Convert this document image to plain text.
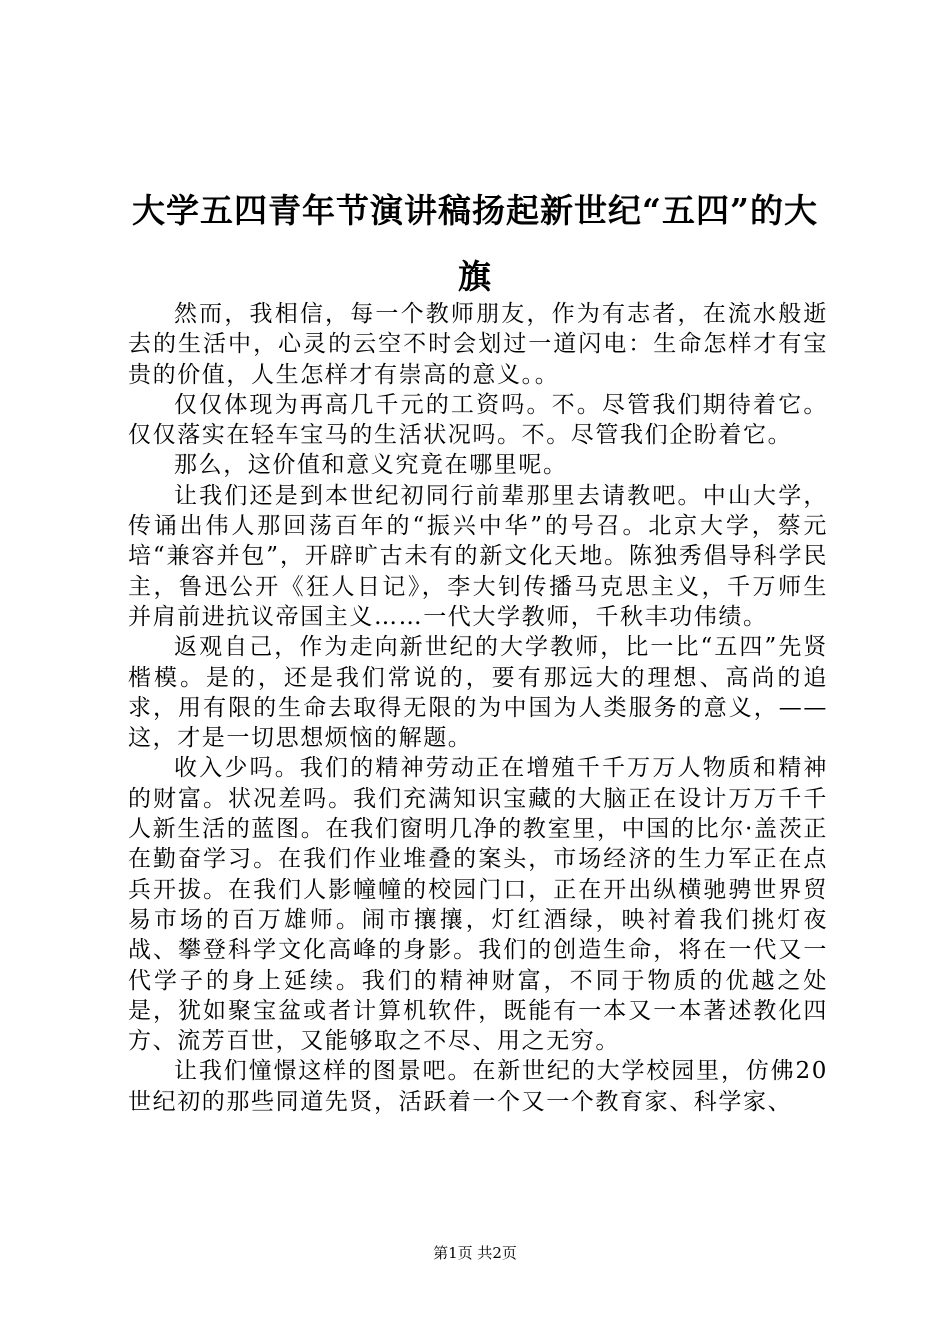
大学五四青年节演讲稿扬起新世纪“五四”的大旗

然而，我相信，每一个教师朋友，作为有志者，在流水般逝去的生活中，心灵的云空不时会划过一道闪电：生命怎样才有宝贵的价值，人生怎样才有崇高的意义。。

仅仅体现为再高几千元的工资吗。不。尽管我们期待着它。仅仅落实在轻车宝马的生活状况吗。不。尽管我们企盼着它。

那么，这价值和意义究竟在哪里呢。

让我们还是到本世纪初同行前辈那里去请教吧。中山大学，传诵出伟人那回荡百年的“振兴中华”的号召。北京大学，蔡元培“兼容并包”，开辟旷古未有的新文化天地。陈独秀倡导科学民主，鲁迅公开《狂人日记》，李大钊传播马克思主义，千万师生并肩前进抗议帝国主义……一代大学教师，千秋丰功伟绩。

返观自己，作为走向新世纪的大学教师，比一比“五四”先贤楷模。是的，还是我们常说的，要有那远大的理想、高尚的追求，用有限的生命去取得无限的为中国为人类服务的意义，——这，才是一切思想烦恼的解题。

收入少吗。我们的精神劳动正在增殖千千万万人物质和精神的财富。状况差吗。我们充满知识宝藏的大脑正在设计万万千千人新生活的蓝图。在我们窗明几净的教室里，中国的比尔·盖茨正在勤奋学习。在我们作业堆叠的案头，市场经济的生力军正在点兵开拔。在我们人影幢幢的校园门口，正在开出纵横驰骋世界贸易市场的百万雄师。闹市攘攘，灯红酒绿，映衬着我们挑灯夜战、攀登科学文化高峰的身影。我们的创造生命，将在一代又一代学子的身上延续。我们的精神财富，不同于物质的优越之处是，犹如聚宝盆或者计算机软件，既能有一本又一本著述教化四方、流芳百世，又能够取之不尽、用之无穷。

让我们憧憬这样的图景吧。在新世纪的大学校园里，仿佛20世纪初的那些同道先贤，活跃着一个又一个教育家、科学家、

第1页 共2页
